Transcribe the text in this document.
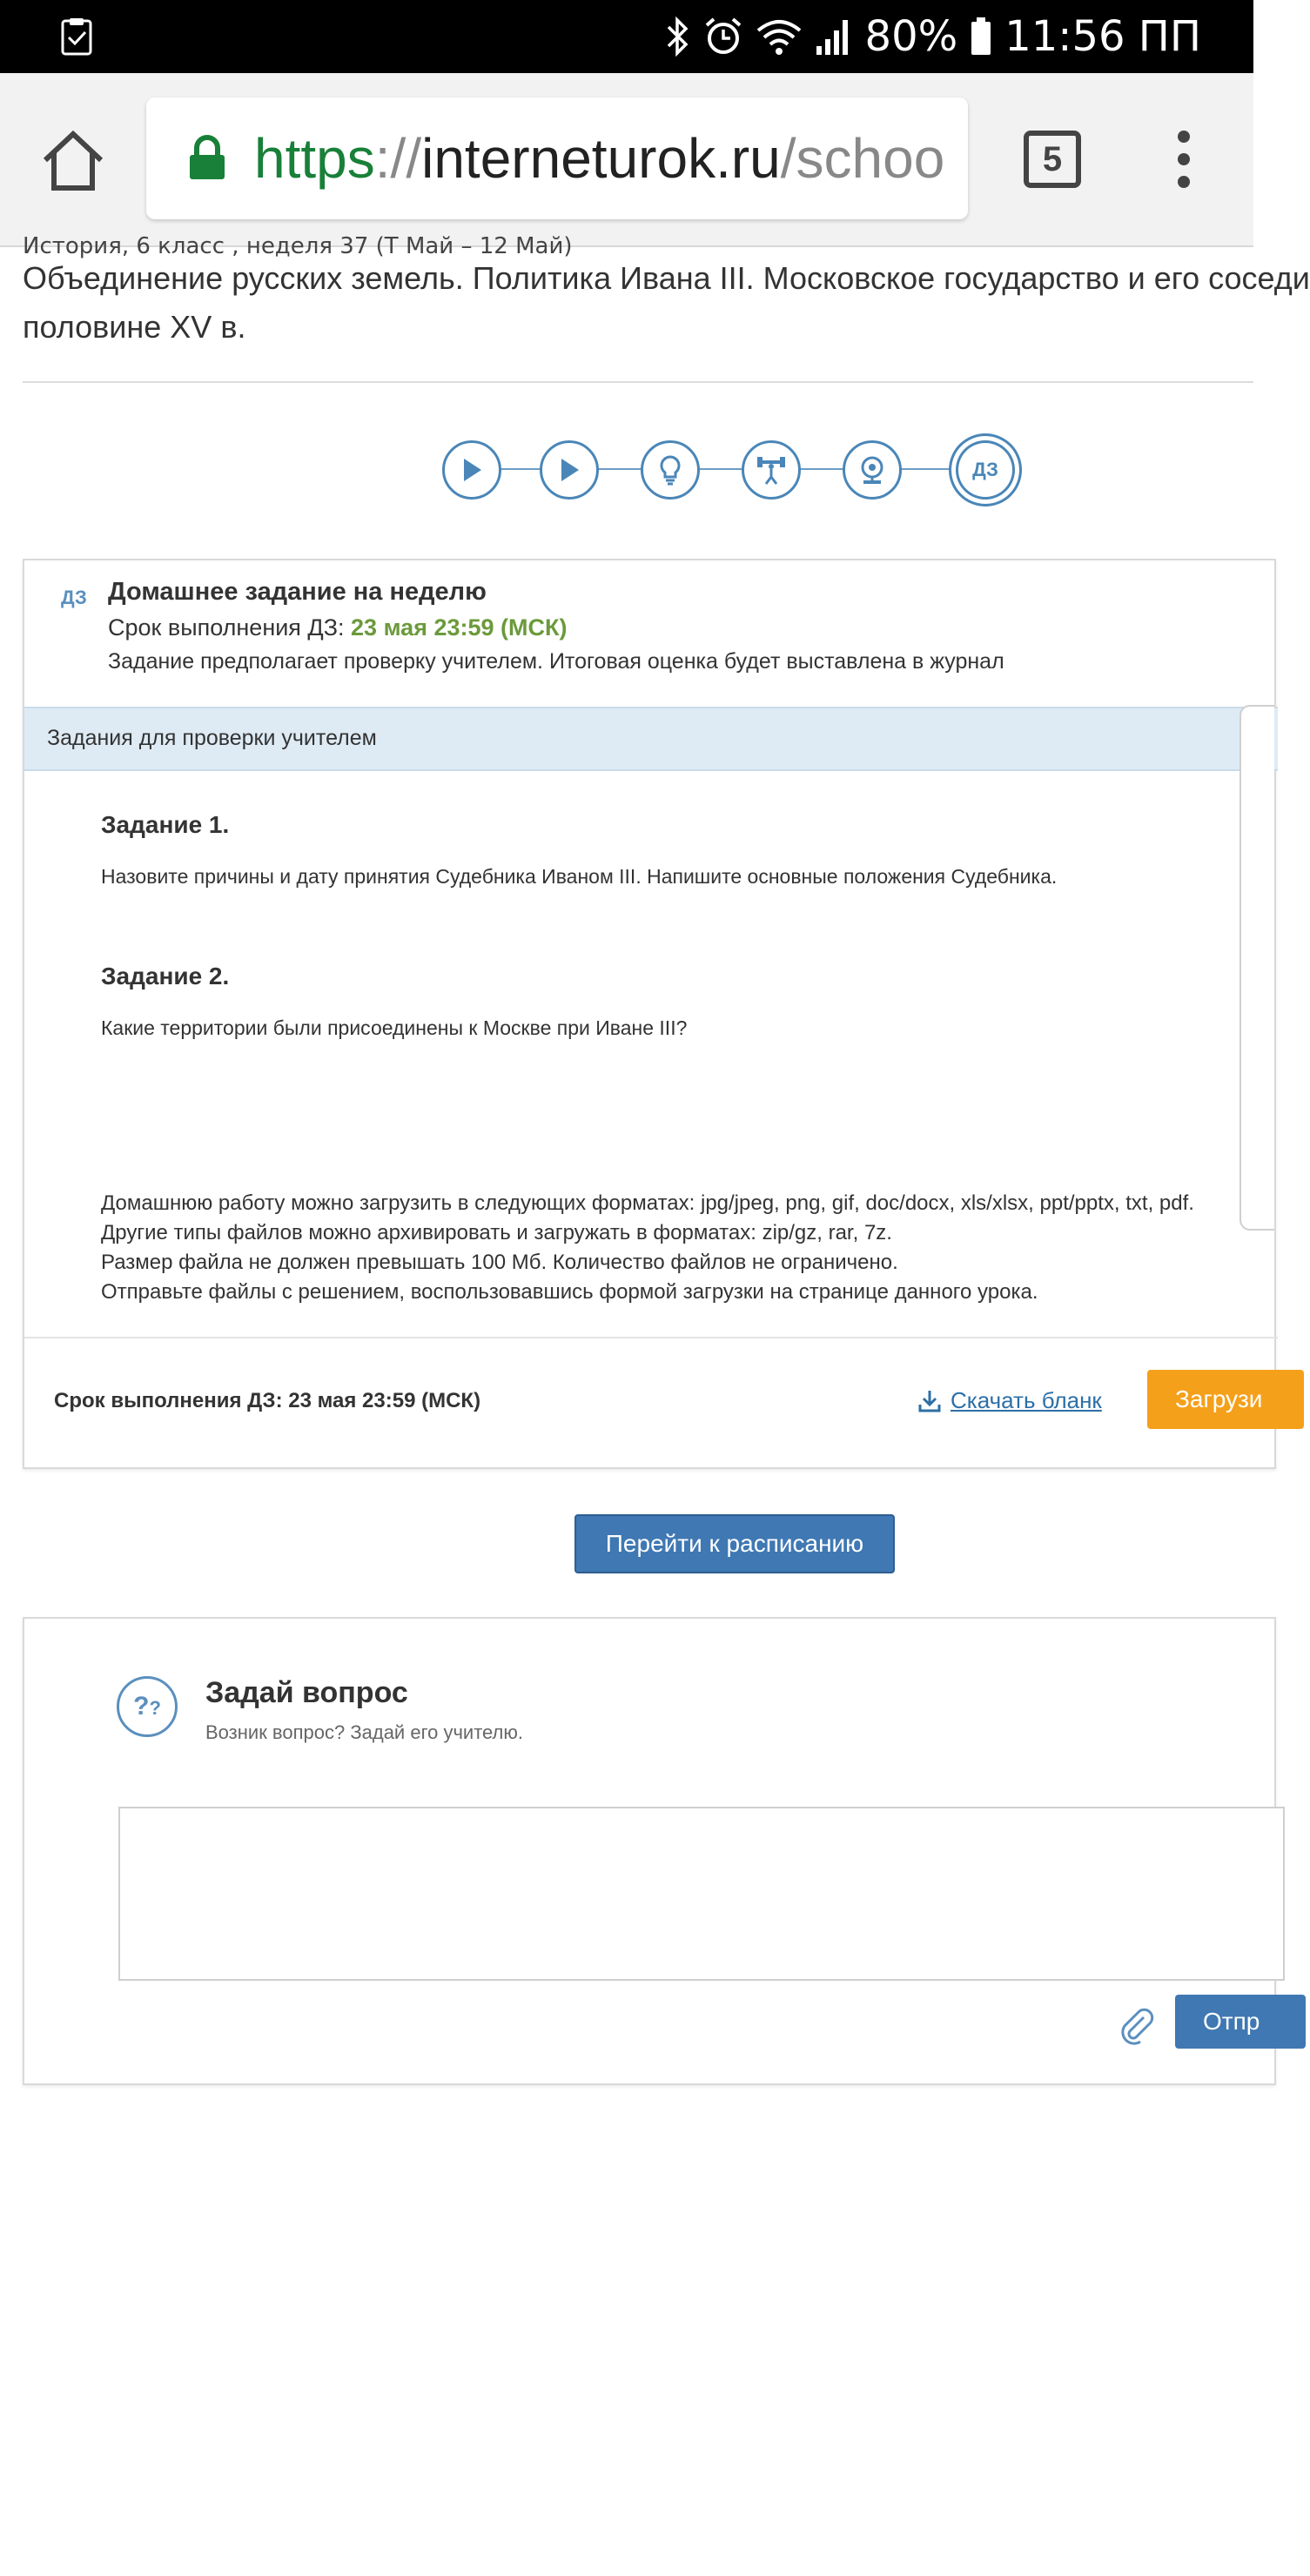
80% 11:56 ПП
https://interneturok.ru/schoo	5
История, 6 класс , неделя 37 (Т Май – 12 Май)
Объединение русских земель. Политика Ивана III. Московское государство и его соседи
половине XV в.
ДЗ
ДЗ Домашнее задание на неделю
Срок выполнения ДЗ: 23 мая 23:59 (МСК)
Задание предполагает проверку учителем. Итоговая оценка будет выставлена в журнал
Задания для проверки учителем
Задание 1.
Назовите причины и дату принятия Судебника Иваном III. Напишите основные положения Судебника.
Задание 2.
Какие территории были присоединены к Москве при Иване III?
Домашнюю работу можно загрузить в следующих форматах: jpg/jpeg, png, gif, doc/docx, xls/xlsx, ppt/pptx, txt, pdf.
Другие типы файлов можно архивировать и загружать в форматах: zip/gz, rar, 7z.
Размер файла не должен превышать 100 Мб. Количество файлов не ограничено.
Отправьте файлы с решением, воспользовавшись формой загрузки на странице данного урока.
Срок выполнения ДЗ: 23 мая 23:59 (МСК)	Скачать бланк	Загрузи
Перейти к расписанию
??	Задай вопрос
Возник вопрос? Задай его учителю.
Отпр
